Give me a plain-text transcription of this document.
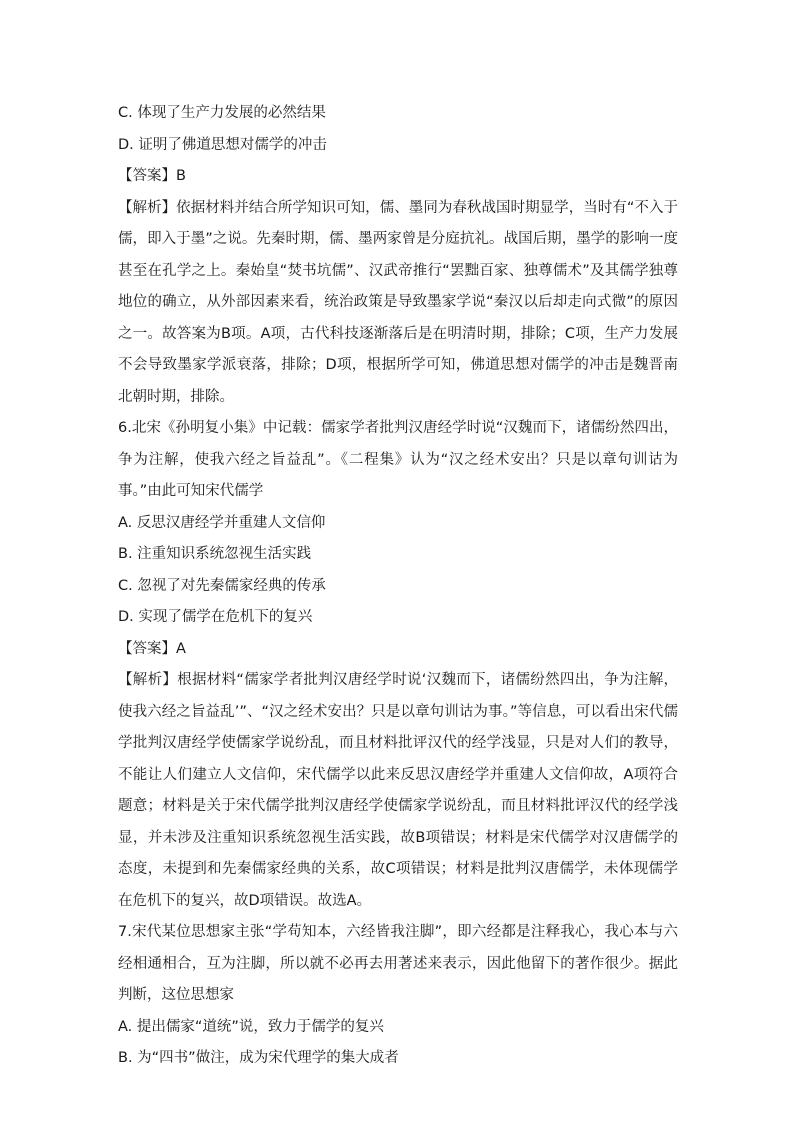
C. 体现了生产力发展的必然结果
D. 证明了佛道思想对儒学的冲击
【答案】B
【解析】依据材料并结合所学知识可知，儒、墨同为春秋战国时期显学，当时有“不入于儒，即入于墨”之说。先秦时期，儒、墨两家曾是分庭抗礼。战国后期，墨学的影响一度甚至在孔学之上。秦始皇“焚书坑儒”、汉武帝推行“罢黜百家、独尊儒术”及其儒学独尊地位的确立，从外部因素来看，统治政策是导致墨家学说“秦汉以后却走向式微”的原因之一。故答案为B项。A项，古代科技逐渐落后是在明清时期，排除；C项，生产力发展不会导致墨家学派衰落，排除；D项，根据所学可知，佛道思想对儒学的冲击是魏晋南北朝时期，排除。
6.北宋《孙明复小集》中记载：儒家学者批判汉唐经学时说“汉魏而下，诸儒纷然四出，争为注解，使我六经之旨益乱”。《二程集》认为“汉之经术安出？只是以章句训诂为事。”由此可知宋代儒学
A. 反思汉唐经学并重建人文信仰
B. 注重知识系统忽视生活实践
C. 忽视了对先秦儒家经典的传承
D. 实现了儒学在危机下的复兴
【答案】A
【解析】根据材料“儒家学者批判汉唐经学时说‘汉魏而下，诸儒纷然四出，争为注解，使我六经之旨益乱’”、“汉之经术安出？只是以章句训诂为事。”等信息，可以看出宋代儒学批判汉唐经学使儒家学说纷乱，而且材料批评汉代的经学浅显，只是对人们的教导，不能让人们建立人文信仰，宋代儒学以此来反思汉唐经学并重建人文信仰故，A项符合题意；材料是关于宋代儒学批判汉唐经学使儒家学说纷乱，而且材料批评汉代的经学浅显，并未涉及注重知识系统忽视生活实践，故B项错误；材料是宋代儒学对汉唐儒学的态度，未提到和先秦儒家经典的关系，故C项错误；材料是批判汉唐儒学，未体现儒学在危机下的复兴，故D项错误。故选A。
7.宋代某位思想家主张“学苟知本，六经皆我注脚”，即六经都是注释我心，我心本与六经相通相合，互为注脚，所以就不必再去用著述来表示，因此他留下的著作很少。据此判断，这位思想家
A. 提出儒家“道统”说，致力于儒学的复兴
B. 为“四书”做注，成为宋代理学的集大成者
